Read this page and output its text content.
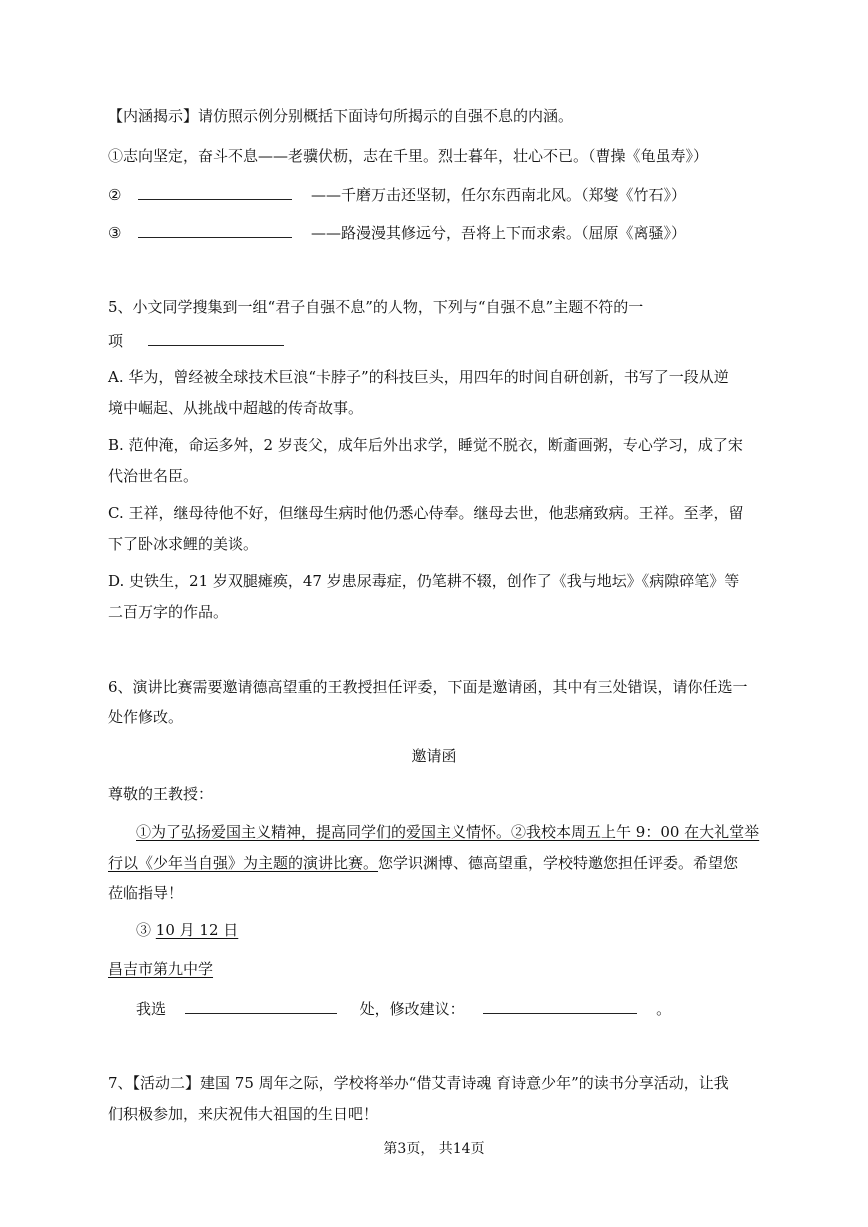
【内涵揭示】请仿照示例分别概括下面诗句所揭示的自强不息的内涵。
①志向坚定，奋斗不息——老骥伏枥，志在千里。烈士暮年，壮心不已。（曹操《龟虽寿》）
②	——千磨万击还坚韧，任尔东西南北风。（郑燮《竹石》）
③	——路漫漫其修远兮，吾将上下而求索。（屈原《离骚》）
5、小文同学搜集到一组“君子自强不息”的人物，下列与“自强不息”主题不符的一
项
A. 华为，曾经被全球技术巨浪“卡脖子”的科技巨头，用四年的时间自研创新，书写了一段从逆
境中崛起、从挑战中超越的传奇故事。
B. 范仲淹，命运多舛，2 岁丧父，成年后外出求学，睡觉不脱衣，断齑画粥，专心学习，成了宋
代治世名臣。
C. 王祥，继母待他不好，但继母生病时他仍悉心侍奉。继母去世，他悲痛致病。王祥。至孝，留
下了卧冰求鲤的美谈。
D. 史铁生，21 岁双腿瘫痪，47 岁患尿毒症，仍笔耕不辍，创作了《我与地坛》《病隙碎笔》等
二百万字的作品。
6、演讲比赛需要邀请德高望重的王教授担任评委，下面是邀请函，其中有三处错误，请你任选一
处作修改。
邀请函
尊敬的王教授：
①为了弘扬爱国主义精神，提高同学们的爱国主义情怀。②我校本周五上午 9：00 在大礼堂举
行以《少年当自强》为主题的演讲比赛。您学识渊博、德高望重，学校特邀您担任评委。希望您
莅临指导！
③ 10 月 12 日
昌吉市第九中学
我选	处，修改建议：	。
7、【活动二】建国 75 周年之际，学校将举办“借艾青诗魂 育诗意少年”的读书分享活动，让我
们积极参加，来庆祝伟大祖国的生日吧！
第3页， 共14页
